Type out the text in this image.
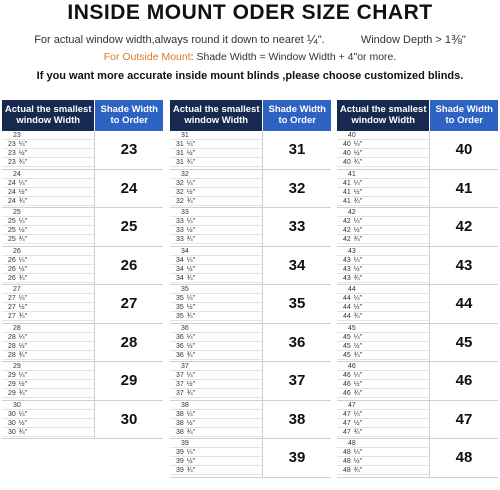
INSIDE MOUNT ODER SIZE CHART
For actual window width,always round it down to nearet ¼".	Window Depth > 1⅜"
For Outside Mount: Shade Width = Window Width + 4"or more.
If you want more accurate inside mount blinds ,please choose customized blinds.
Actual the smallest window Width
Shade Width to Order
23
23 ¼"
23 ½"
23 ¾"
23
24
24 ¼"
24 ½"
24 ¾"
24
25
25 ¼"
25 ½"
25 ¾"
25
26
26 ¼"
26 ½"
26 ¾"
26
27
27 ¼"
27 ½"
27 ¾"
27
28
28 ¼"
28 ½"
28 ¾"
28
29
29 ¼"
29 ½"
29 ¾"
29
30
30 ¼"
30 ½"
30 ¾"
30
Actual the smallest window Width
Shade Width to Order
31
31 ¼"
31 ½"
31 ¾"
31
32
32 ¼"
32 ½"
32 ¾"
32
33
33 ¼"
33 ½"
33 ¾"
33
34
34 ¼"
34 ½"
34 ¾"
34
35
35 ¼"
35 ½"
35 ¾"
35
36
36 ¼"
36 ½"
36 ¾"
36
37
37 ¼"
37 ½"
37 ¾"
37
38
38 ¼"
38 ½"
38 ¾"
38
39
39 ¼"
39 ½"
39 ¾"
39
Actual the smallest window Width
Shade Width to Order
40
40 ¼"
40 ½"
40 ¾"
40
41
41 ¼"
41 ½"
41 ¾"
41
42
42 ¼"
42 ½"
42 ¾"
42
43
43 ¼"
43 ½"
43 ¾"
43
44
44 ¼"
44 ½"
44 ¾"
44
45
45 ¼"
45 ½"
45 ¾"
45
46
46 ¼"
46 ½"
46 ¾"
46
47
47 ¼"
47 ½"
47 ¾"
47
48
48 ¼"
48 ½"
48 ¾"
48
